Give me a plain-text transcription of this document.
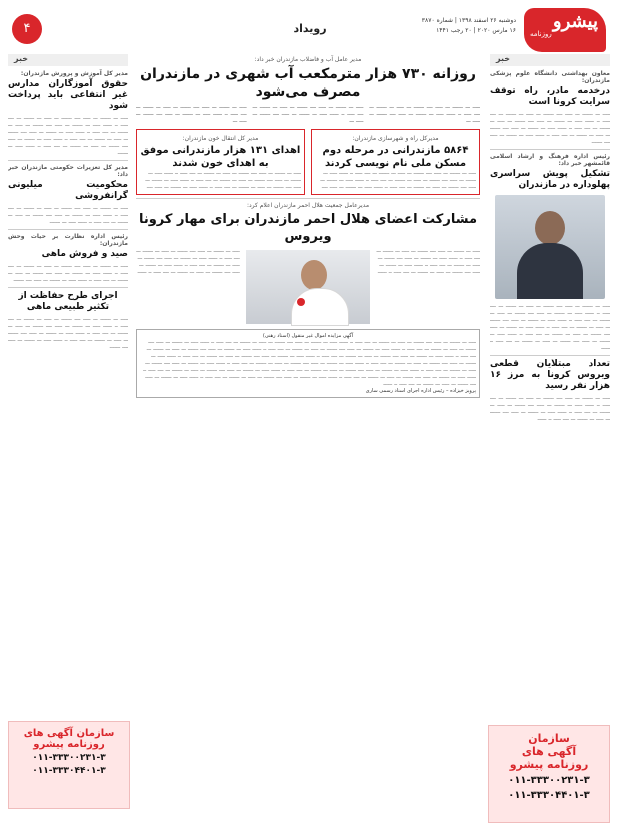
پیشرو
روزنامه
دوشنبه ۲۶ اسفند ۱۳۹۸ | شماره ۳۸۷۰
۱۶ مارس ۲۰۲۰ | ۲۰ رجب ۱۴۴۱
رویداد
۴
خبر
معاون بهداشتی دانشگاه علوم پزشکی مازندران:
درخدمه مادر، راه توقف سرایت کرونا است
ـــــ ـــ ـــــــ ـــ ـــــ ــــ ـــــــ ـــ ـــــ ـــ ـــــــ ـــ ــــ ـــــ ــ ــــــ ـــــ ـــ ـــــــ ـــ ـــــ ــــ ـــــــ ـــ ـــــ ـــ ـــــــ ـــ ــــ ـــــ ــ ــــــ ـــــ ـــ ـــــــ ـــ ـــــ ــــ ـــــــ ـــ ـــــ ـــ ـــــــ ـــ ــــ ـــــ ــ ــــــ ـــــ ـــ ـــــــ ـــ ـــــ ــــ ـــــــ
رئیس اداره فرهنگ و ارشاد اسلامی قائمشهر خبر داد:
تشکیل پویش سراسری پهلوداره در مازندران
ـــــ ـــ ـــــــ ـــ ـــــ ــــ ـــــــ ـــ ـــــ ـــ ـــــــ ـــ ــــ ـــــ ــ ــــــ ـــــ ـــ ـــــــ ـــ ـــــ ــــ ـــــــ ـــ ـــــ ـــ ـــــــ ـــ ــــ ـــــ ــ ــــــ ـــــ ـــ ـــــــ ـــ ـــــ ــــ ـــــــ ـــ ـــــ ـــ ـــــــ ـــ ــــ ـــــ ــ ــــــ ـــــ ـــ ـــــــ ـــ ـــــ ــــ ـــــــ ـــ ـــــ ـــ ـــــــ ـــ ــــ ـــــ ــ ــــــ ـــــ ـــ ـــــــ ـــ ـــــ ــــ ـــــــ ـــ ـــــ ـــ ـــــــ ـــ ــــ ـــــ ــ ــــــ
تعداد مبتلایان قطعی ویروس کرونا به مرز ۱۶ هزار نفر رسید
ـــــ ـــ ـــــــ ـــ ـــــ ــــ ـــــــ ـــ ـــــ ـــ ـــــــ ـــ ــــ ـــــ ــ ــــــ ـــــ ـــ ـــــــ ـــ ـــــ ــــ ـــــــ ـــ ـــــ ـــ ـــــــ ـــ ــــ ـــــ ــ ــــــ ـــــ ـــ ـــــــ ـــ ـــــ ــــ ـــــــ ـــ ـــــ ـــ ـــــــ ـــ ــــ ـــــ ــ ــــــ
سازمان
آگهی های
روزنامه پیشرو
۰۱۱-۳۳۳۰۰۲۳۱-۳
۰۱۱-۳۳۳۰۴۴۰۱-۳
خبر
مدیر کل آموزش و پرورش مازندران:
حقوق آموزگاران مدارس غیر انتفاعی باید پرداخت شود
ـــــ ـــ ـــــــ ـــ ـــــ ــــ ـــــــ ـــ ـــــ ـــ ـــــــ ـــ ــــ ـــــ ــ ــــــ ـــــ ـــ ـــــــ ـــ ـــــ ــــ ـــــــ ـــ ـــــ ـــ ـــــــ ـــ ــــ ـــــ ــ ــــــ ـــــ ـــ ـــــــ ـــ ـــــ ــــ ـــــــ ـــ ـــــ ـــ ـــــــ ـــ ــــ ـــــ ــ ــــــ ـــــ ـــ ـــــــ ـــ ـــــ ــــ ـــــــ ـــ ـــــ ـــ ـــــــ ـــ ــــ ـــــ ــ ــــــ ـــــ ـــ ـــــــ
مدیر کل تعزیرات حکومتی مازندران خبر داد:
محکومیت میلیونی گرانفروشی
ـــــ ـــ ـــــــ ـــ ـــــ ــــ ـــــــ ـــ ـــــ ـــ ـــــــ ـــ ــــ ـــــ ــ ــــــ ـــــ ـــ ـــــــ ـــ ـــــ ــــ ـــــــ ـــ ـــــ ـــ ـــــــ ـــ ــــ ـــــ ــ ــــــ ـــــ ـــ ـــــــ
رئیس اداره نظارت بر حیات وحش مازندران:
صید و فروش ماهی
ـــــ ـــ ـــــــ ـــ ـــــ ــــ ـــــــ ـــ ـــــ ـــ ـــــــ ـــ ــــ ـــــ ــ ــــــ ـــــ ـــ ـــــــ ـــ ـــــ ــــ ـــــــ ـــ ـــــ ـــ ـــــــ ـــ ــــ ـــــ ــ ــــــ ـــــ ـــ ـــــــ ـــ ـــــ ــــ ـــــــ
اجرای طرح حفاظت از تکثیر طبیعی ماهی
ـــــ ـــ ـــــــ ـــ ـــــ ــــ ـــــــ ـــ ـــــ ـــ ـــــــ ـــ ــــ ـــــ ــ ــــــ ـــــ ـــ ـــــــ ـــ ـــــ ــــ ـــــــ ـــ ـــــ ـــ ـــــــ ـــ ــــ ـــــ ــ ــــــ ـــــ ـــ ـــــــ ـــ ـــــ ــــ ـــــــ ـــ ـــــ ـــ ـــــــ ـــ ــــ ـــــ ــ ــــــ ـــــ ـــ ـــــــ ـــ ـــــ ــــ ـــــــ
سازمان آگهی های
روزنامه پیشرو
۰۱۱-۳۳۳۰۰۲۳۱-۳
۰۱۱-۳۳۳۰۴۴۰۱-۳
مدیر عامل آب و فاضلاب مازندران خبر داد:
روزانه ۷۳۰ هزار مترمکعب آب شهری در مازندران مصرف می‌شود
ـــــ ـــ ـــــــ ـــ ـــــ ــــ ـــــــ ـــ ـــــ ـــ ـــــــ ـــ ــــ ـــــ ــ ــــــ ـــــ ـــ ـــــــ ـــ ـــــ ــــ ـــــــ ـــ ـــــ ـــ
ـــــ ـــ ـــــــ ـــ ـــــ ــــ ـــــــ ـــ ـــــ ـــ ـــــــ ـــ ــــ ـــــ ــ ــــــ ـــــ ـــ ـــــــ ـــ ـــــ ــــ ـــــــ ـــ ـــــ ـــ
ـــــ ـــ ـــــــ ـــ ـــــ ــــ ـــــــ ـــ ـــــ ـــ ـــــــ ـــ ــــ ـــــ ــ ــــــ ـــــ ـــ ـــــــ ـــ ـــــ ــــ ـــــــ ـــ ـــــ ـــ
مدیرکل راه و شهرسازی مازندران:
۵۸۶۴ مازندرانی در مرحله دوم مسکن ملی نام نویسی کردند
ـــــ ـــ ـــــــ ـــ ـــــ ــــ ـــــــ ـــ ـــــ ـــ ـــــــ ـــ ــــ ـــــ ــ ــــــ ـــــ ـــ ـــــــ ـــ ـــــ ــــ ـــــــ ـــ ـــــ ـــ ـــــــ ـــ ــــ ـــــ ــ ــــــ ـــــ ـــ ـــــــ ـــ ـــــ ــــ ـــــــ ـــ ـــــ ـــ ـــــــ ـــ ــــ ـــــ ــ ــــــ ـــــ ـــ ـــــــ ـــ ـــــ ــــ
مدیر کل انتقال خون مازندران:
اهدای ۱۳۱ هزار مازندرانی موفق به اهدای خون شدند
ـــــ ـــ ـــــــ ـــ ـــــ ــــ ـــــــ ـــ ـــــ ـــ ـــــــ ـــ ــــ ـــــ ــ ــــــ ـــــ ـــ ـــــــ ـــ ـــــ ــــ ـــــــ ـــ ـــــ ـــ ـــــــ ـــ ــــ ـــــ ــ ــــــ ـــــ ـــ ـــــــ ـــ ـــــ ــــ ـــــــ ـــ ـــــ ـــ ـــــــ ـــ ــــ ـــــ ــ ــــــ ـــــ ـــ ـــــــ ـــ ـــــ ــــ
مدیرعامل جمعیت هلال احمر مازندران اعلام کرد:
مشارکت اعضای هلال احمر مازندران برای مهار کرونا ویروس
ـــــ ـــ ـــــــ ـــ ـــــ ــــ ـــــــ ـــ ـــــ ـــ ـــــــ ـــ ــــ ـــــ ــ ــــــ ـــــ ـــ ـــــــ ـــ ـــــ ــــ ـــــــ ـــ ـــــ ـــ ـــــــ ـــ ــــ ـــــ ــ ــــــ ـــــ ـــ ـــــــ ـــ ـــــ ــــ ـــــــ ـــ ـــــ ـــ ـــــــ ـــ ــــ ـــــ ــ ــــــ
ـــــ ـــ ـــــــ ـــ ـــــ ــــ ـــــــ ـــ ـــــ ـــ ـــــــ ـــ ــــ ـــــ ــ ــــــ ـــــ ـــ ـــــــ ـــ ـــــ ــــ ـــــــ ـــ ـــــ ـــ ـــــــ ـــ ــــ ـــــ ــ ــــــ ـــــ ـــ ـــــــ ـــ ـــــ ــــ ـــــــ ـــ ـــــ ـــ ـــــــ ـــ ــــ ـــــ ــ ــــــ
آگهی مزایده اموال غیر منقول (اسناد رهنی)
ـــــ ـــ ـــــــ ـــ ـــــ ــــ ـــــــ ـــ ـــــ ـــ ـــــــ ـــ ــــ ـــــ ــ ــــــ ـــــ ـــ ـــــــ ـــ ـــــ ــــ ـــــــ ـــ ـــــ ـــ ـــــــ ـــ ــــ ـــــ ــ ــــــ ـــــ ـــ ـــــــ ـــ ـــــ ــــ ـــــــ ـــ ـــــ ـــ ـــــــ ـــ ــــ ـــــ ــ ــــــ ـــــ ـــ ـــــــ ـــ ـــــ ــــ ـــــــ ـــ ـــــ ـــ ـــــــ ـــ ــــ ـــــ ــ ــــــ ـــــ ـــ ـــــــ ـــ ـــــ ــــ ـــــــ ـــ ـــــ ـــ ـــــــ ـــ ــــ ـــــ ــ ــــــ ـــــ ـــ ـــــــ ـــ ـــــ ــــ ـــــــ ـــ ـــــ ـــ ـــــــ ـــ ــــ ـــــ ــ ــــــ ـــــ ـــ ـــــــ ـــ ـــــ ــــ ـــــــ ـــ ـــــ ـــ ـــــــ ـــ ــــ ـــــ ــ ــــــ ـــــ ـــ ـــــــ ـــ ـــــ ــــ ـــــــ ـــ ـــــ ـــ ـــــــ ـــ ــــ ـــــ ــ ــــــ ـــــ ـــ ـــــــ ـــ ـــــ ــــ ـــــــ ـــ ـــــ ـــ ـــــــ ـــ ــــ ـــــ ــ ــــــ ـــــ ـــ ـــــــ ـــ ـــــ ــــ ـــــــ ـــ ـــــ ـــ ـــــــ ـــ ــــ ـــــ ــ ــــــ ـــــ ـــ ـــــــ ـــ ـــــ ــــ ـــــــ ـــ ـــــ ـــ ـــــــ ـــ ــــ ـــــ ــ ــــــ ـــــ ـــ ـــــــ ـــ ـــــ ــــ ـــــــ ـــ ـــــ ـــ ـــــــ ـــ ــــ ـــــ ــ ــــــ ـــــ ـــ ـــــــ ـــ ـــــ ــــ ـــــــ ـــ ـــــ ـــ ـــــــ ـــ ــــ ـــــ ــ ــــــ ـــــ ـــ ـــــــ ـــ ـــــ ــــ ـــــــ ـــ ـــــ ـــ ـــــــ ـــ ــــ ـــــ ــ ــــــ ـــــ ـــ ـــــــ ـــ ـــــ ــــ ـــــــ ـــ ـــــ ـــ ـــــــ ـــ ــــ ـــــ ــ ــــــ
پرویز خیزاده – رئیس اداره اجرای اسناد رسمی ساری
